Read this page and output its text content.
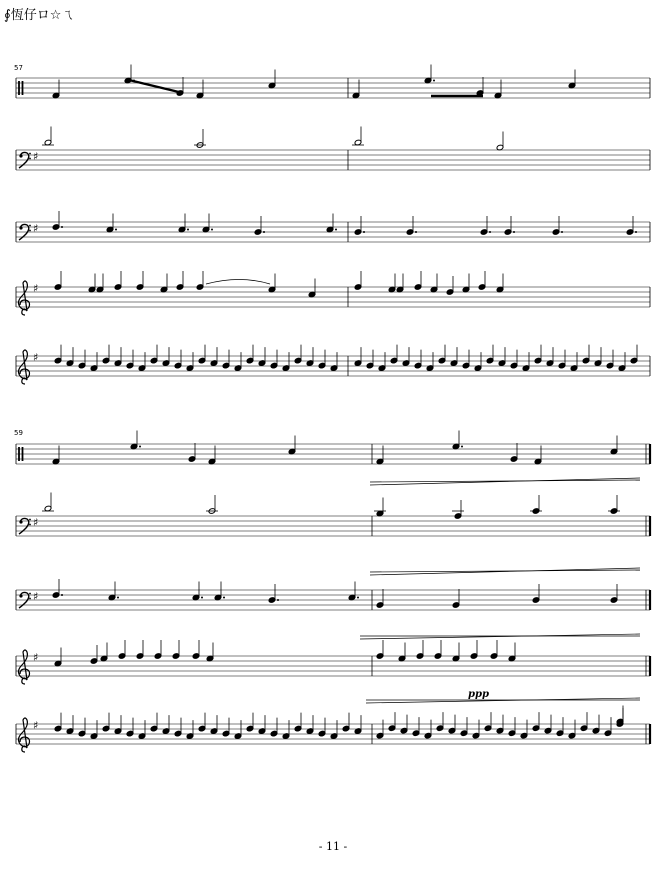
∮恆仔ロ☆ㄟ
57
59
- 11 -
♯
♯
♯
♯
♯
♯
♯
♯
ppp
